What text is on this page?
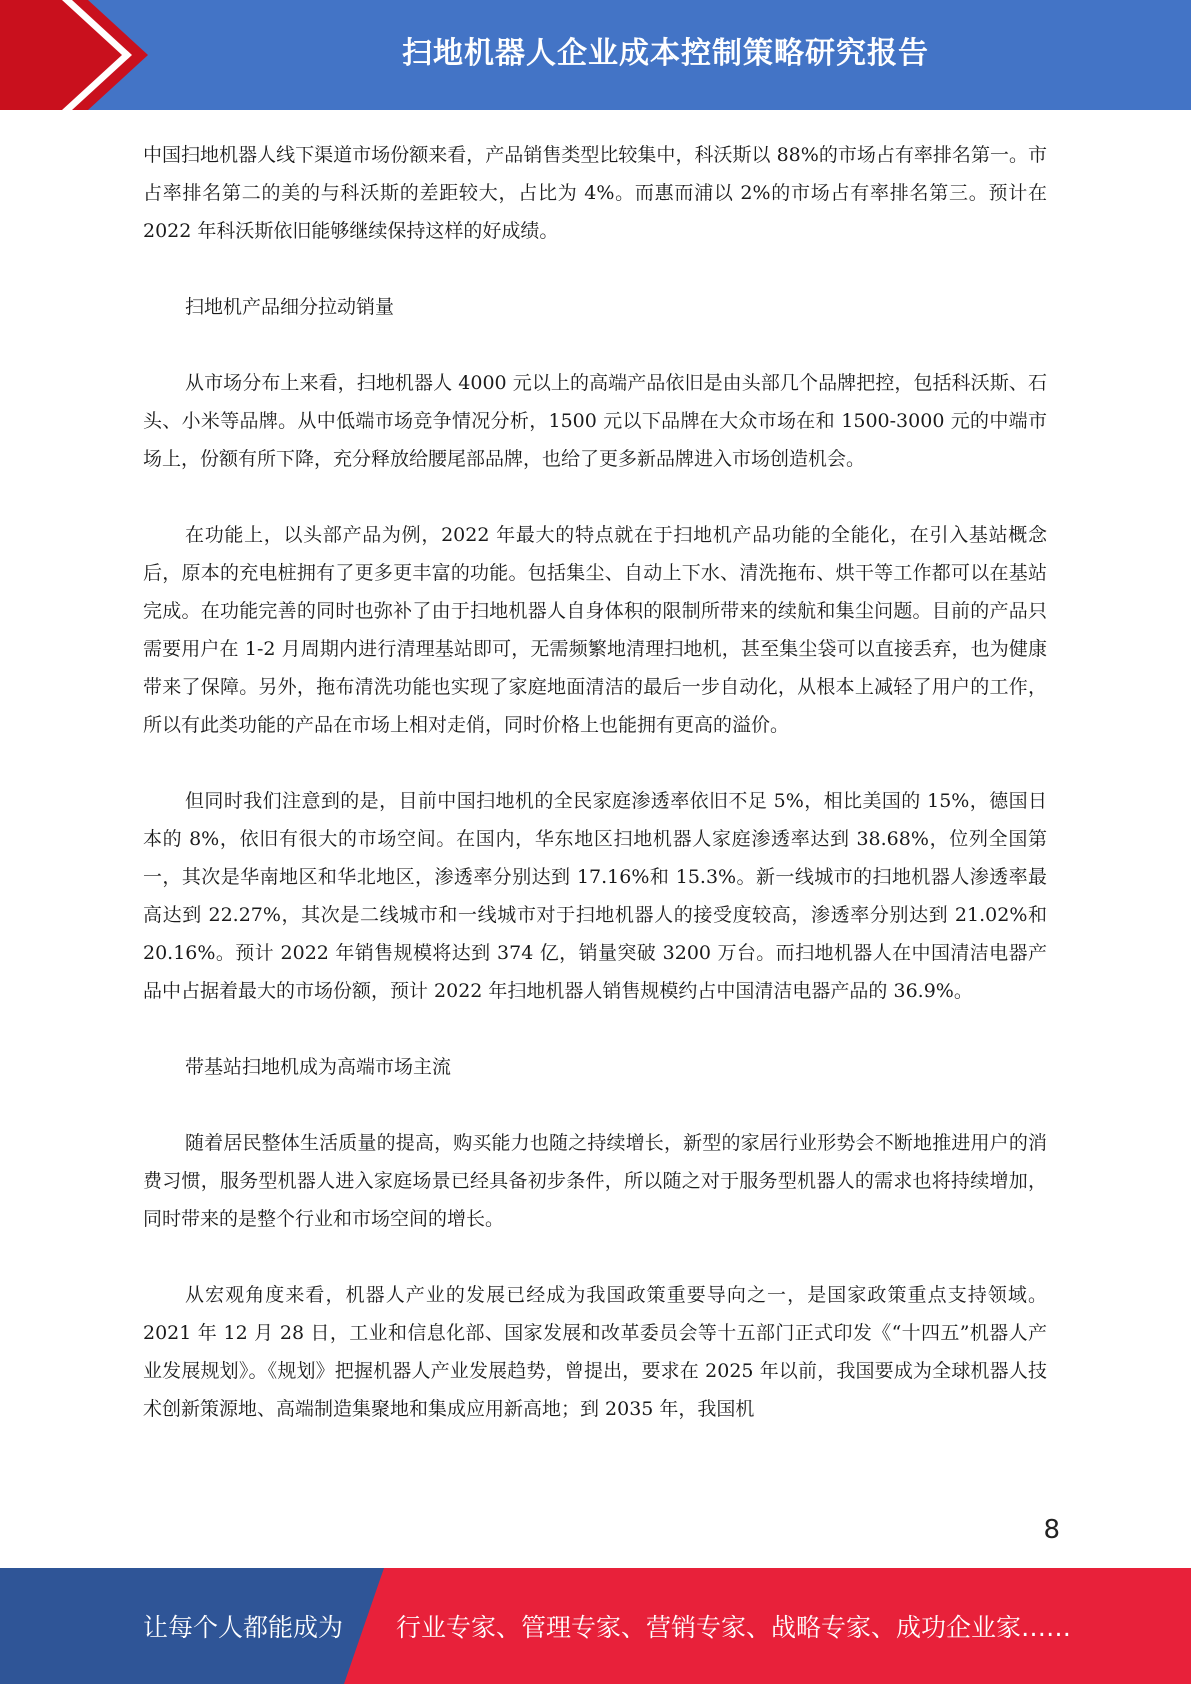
扫地机器人企业成本控制策略研究报告

中国扫地机器人线下渠道市场份额来看，产品销售类型比较集中，科沃斯以 88%的市场占有率排名第一。市占率排名第二的美的与科沃斯的差距较大，占比为 4%。而惠而浦以 2%的市场占有率排名第三。预计在 2022 年科沃斯依旧能够继续保持这样的好成绩。

扫地机产品细分拉动销量

从市场分布上来看，扫地机器人 4000 元以上的高端产品依旧是由头部几个品牌把控，包括科沃斯、石头、小米等品牌。从中低端市场竞争情况分析，1500 元以下品牌在大众市场在和 1500-3000 元的中端市场上，份额有所下降，充分释放给腰尾部品牌，也给了更多新品牌进入市场创造机会。

在功能上，以头部产品为例，2022 年最大的特点就在于扫地机产品功能的全能化，在引入基站概念后，原本的充电桩拥有了更多更丰富的功能。包括集尘、自动上下水、清洗拖布、烘干等工作都可以在基站完成。在功能完善的同时也弥补了由于扫地机器人自身体积的限制所带来的续航和集尘问题。目前的产品只需要用户在 1-2 月周期内进行清理基站即可，无需频繁地清理扫地机，甚至集尘袋可以直接丢弃，也为健康带来了保障。另外，拖布清洗功能也实现了家庭地面清洁的最后一步自动化，从根本上减轻了用户的工作，所以有此类功能的产品在市场上相对走俏，同时价格上也能拥有更高的溢价。

但同时我们注意到的是，目前中国扫地机的全民家庭渗透率依旧不足 5%，相比美国的 15%，德国日本的 8%，依旧有很大的市场空间。在国内，华东地区扫地机器人家庭渗透率达到 38.68%，位列全国第一，其次是华南地区和华北地区，渗透率分别达到 17.16%和 15.3%。新一线城市的扫地机器人渗透率最高达到 22.27%，其次是二线城市和一线城市对于扫地机器人的接受度较高，渗透率分别达到 21.02%和 20.16%。预计 2022 年销售规模将达到 374 亿，销量突破 3200 万台。而扫地机器人在中国清洁电器产品中占据着最大的市场份额，预计 2022 年扫地机器人销售规模约占中国清洁电器产品的 36.9%。

带基站扫地机成为高端市场主流

随着居民整体生活质量的提高，购买能力也随之持续增长，新型的家居行业形势会不断地推进用户的消费习惯，服务型机器人进入家庭场景已经具备初步条件，所以随之对于服务型机器人的需求也将持续增加，同时带来的是整个行业和市场空间的增长。

从宏观角度来看，机器人产业的发展已经成为我国政策重要导向之一，是国家政策重点支持领域。2021 年 12 月 28 日，工业和信息化部、国家发展和改革委员会等十五部门正式印发《“十四五”机器人产业发展规划》。《规划》把握机器人产业发展趋势，曾提出，要求在 2025 年以前，我国要成为全球机器人技术创新策源地、高端制造集聚地和集成应用新高地；到 2035 年，我国机

8
让每个人都能成为 行业专家、管理专家、营销专家、战略专家、成功企业家……
